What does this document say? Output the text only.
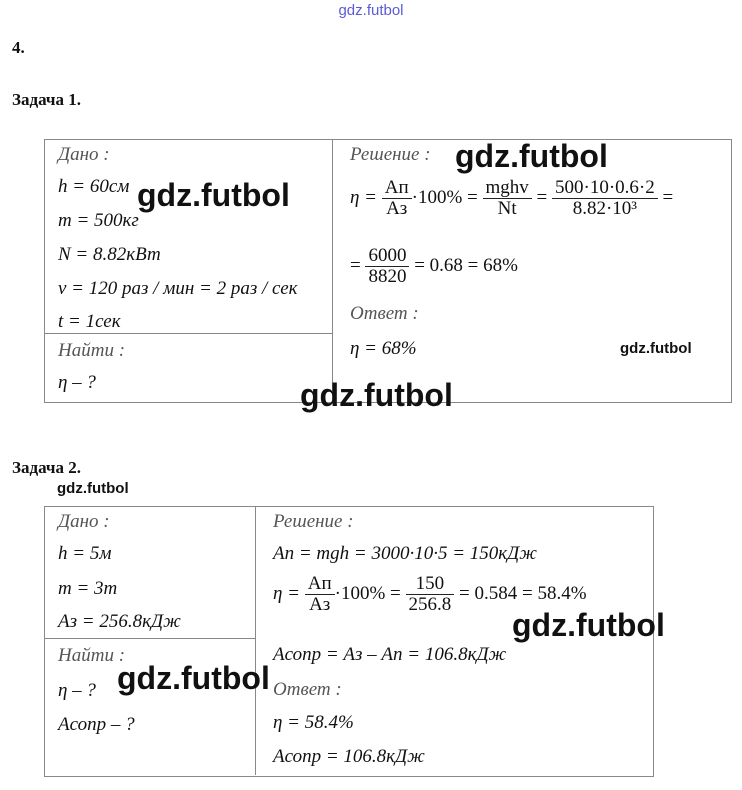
gdz.futbol
4.
Задача 1.
Дано :
h = 60см
m = 500кг
N = 8.82кВт
v = 120 раз / мин = 2 раз / сек
t = 1сек
Найти :
η – ?
Решение :
$\eta = \frac{Aп}{Aз} \cdot 100\% = \frac{\text{mghv}}{Nt} = \frac{500\cdot 10\cdot 0.6\cdot 2}{\text{8.82·10³}}$ =
= $\frac{6000}{8820} = 0.68 = 68\%$
Ответ :
η = 68%
gdz.futbol
gdz.futbol
gdz.futbol
gdz.futbol
Задача 2.
gdz.futbol
Дано :
h = 5м
m = 3т
Aз = 256.8кДж
Найти :
η – ?
Aсопр – ?
Решение :
Aп = mgh = 3000·10·5 = 150кДж
$\eta = \frac{Aп}{Aз} \cdot 100\% = \frac{150}{256.8} = 0.584 = 58.4\%$
Aсопр = Aз – Aп = 106.8кДж
Ответ :
η = 58.4%
Aсопр = 106.8кДж
gdz.futbol
gdz.futbol
